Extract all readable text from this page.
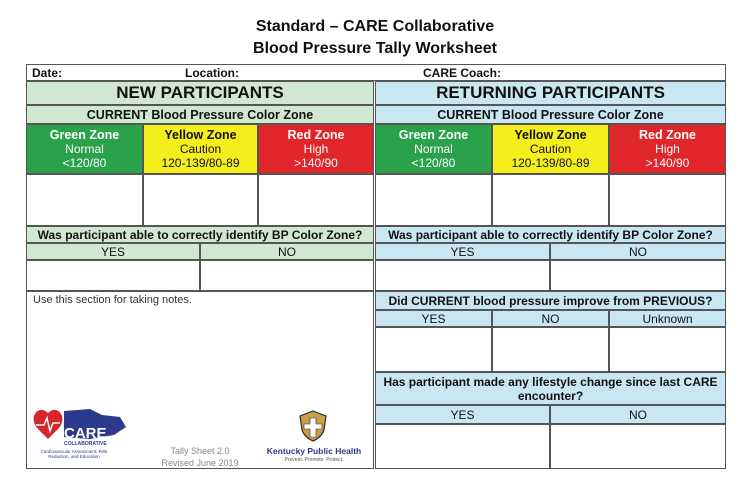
Standard – CARE Collaborative
Blood Pressure Tally Worksheet
Date:	Location:	CARE Coach:
NEW PARTICIPANTS
CURRENT Blood Pressure Color Zone
Green Zone
Normal
<120/80
Yellow Zone
Caution
120-139/80-89
Red Zone
High
>140/90
Was participant able to correctly identify BP Color Zone?
YES	NO
Use this section for taking notes.
CARE
COLLABORATIVE
Cardiovascular Assessment, Risk Reduction, and Education
Tally Sheet 2.0
Revised June 2019
Kentucky Public Health
Prevent. Promote. Protect.
RETURNING PARTICIPANTS
CURRENT Blood Pressure Color Zone
Green Zone
Normal
<120/80
Yellow Zone
Caution
120-139/80-89
Red Zone
High
>140/90
Was participant able to correctly identify BP Color Zone?
YES	NO
Did CURRENT blood pressure improve from PREVIOUS?
YES	NO	Unknown
Has participant made any lifestyle change since last CARE encounter?
YES	NO
